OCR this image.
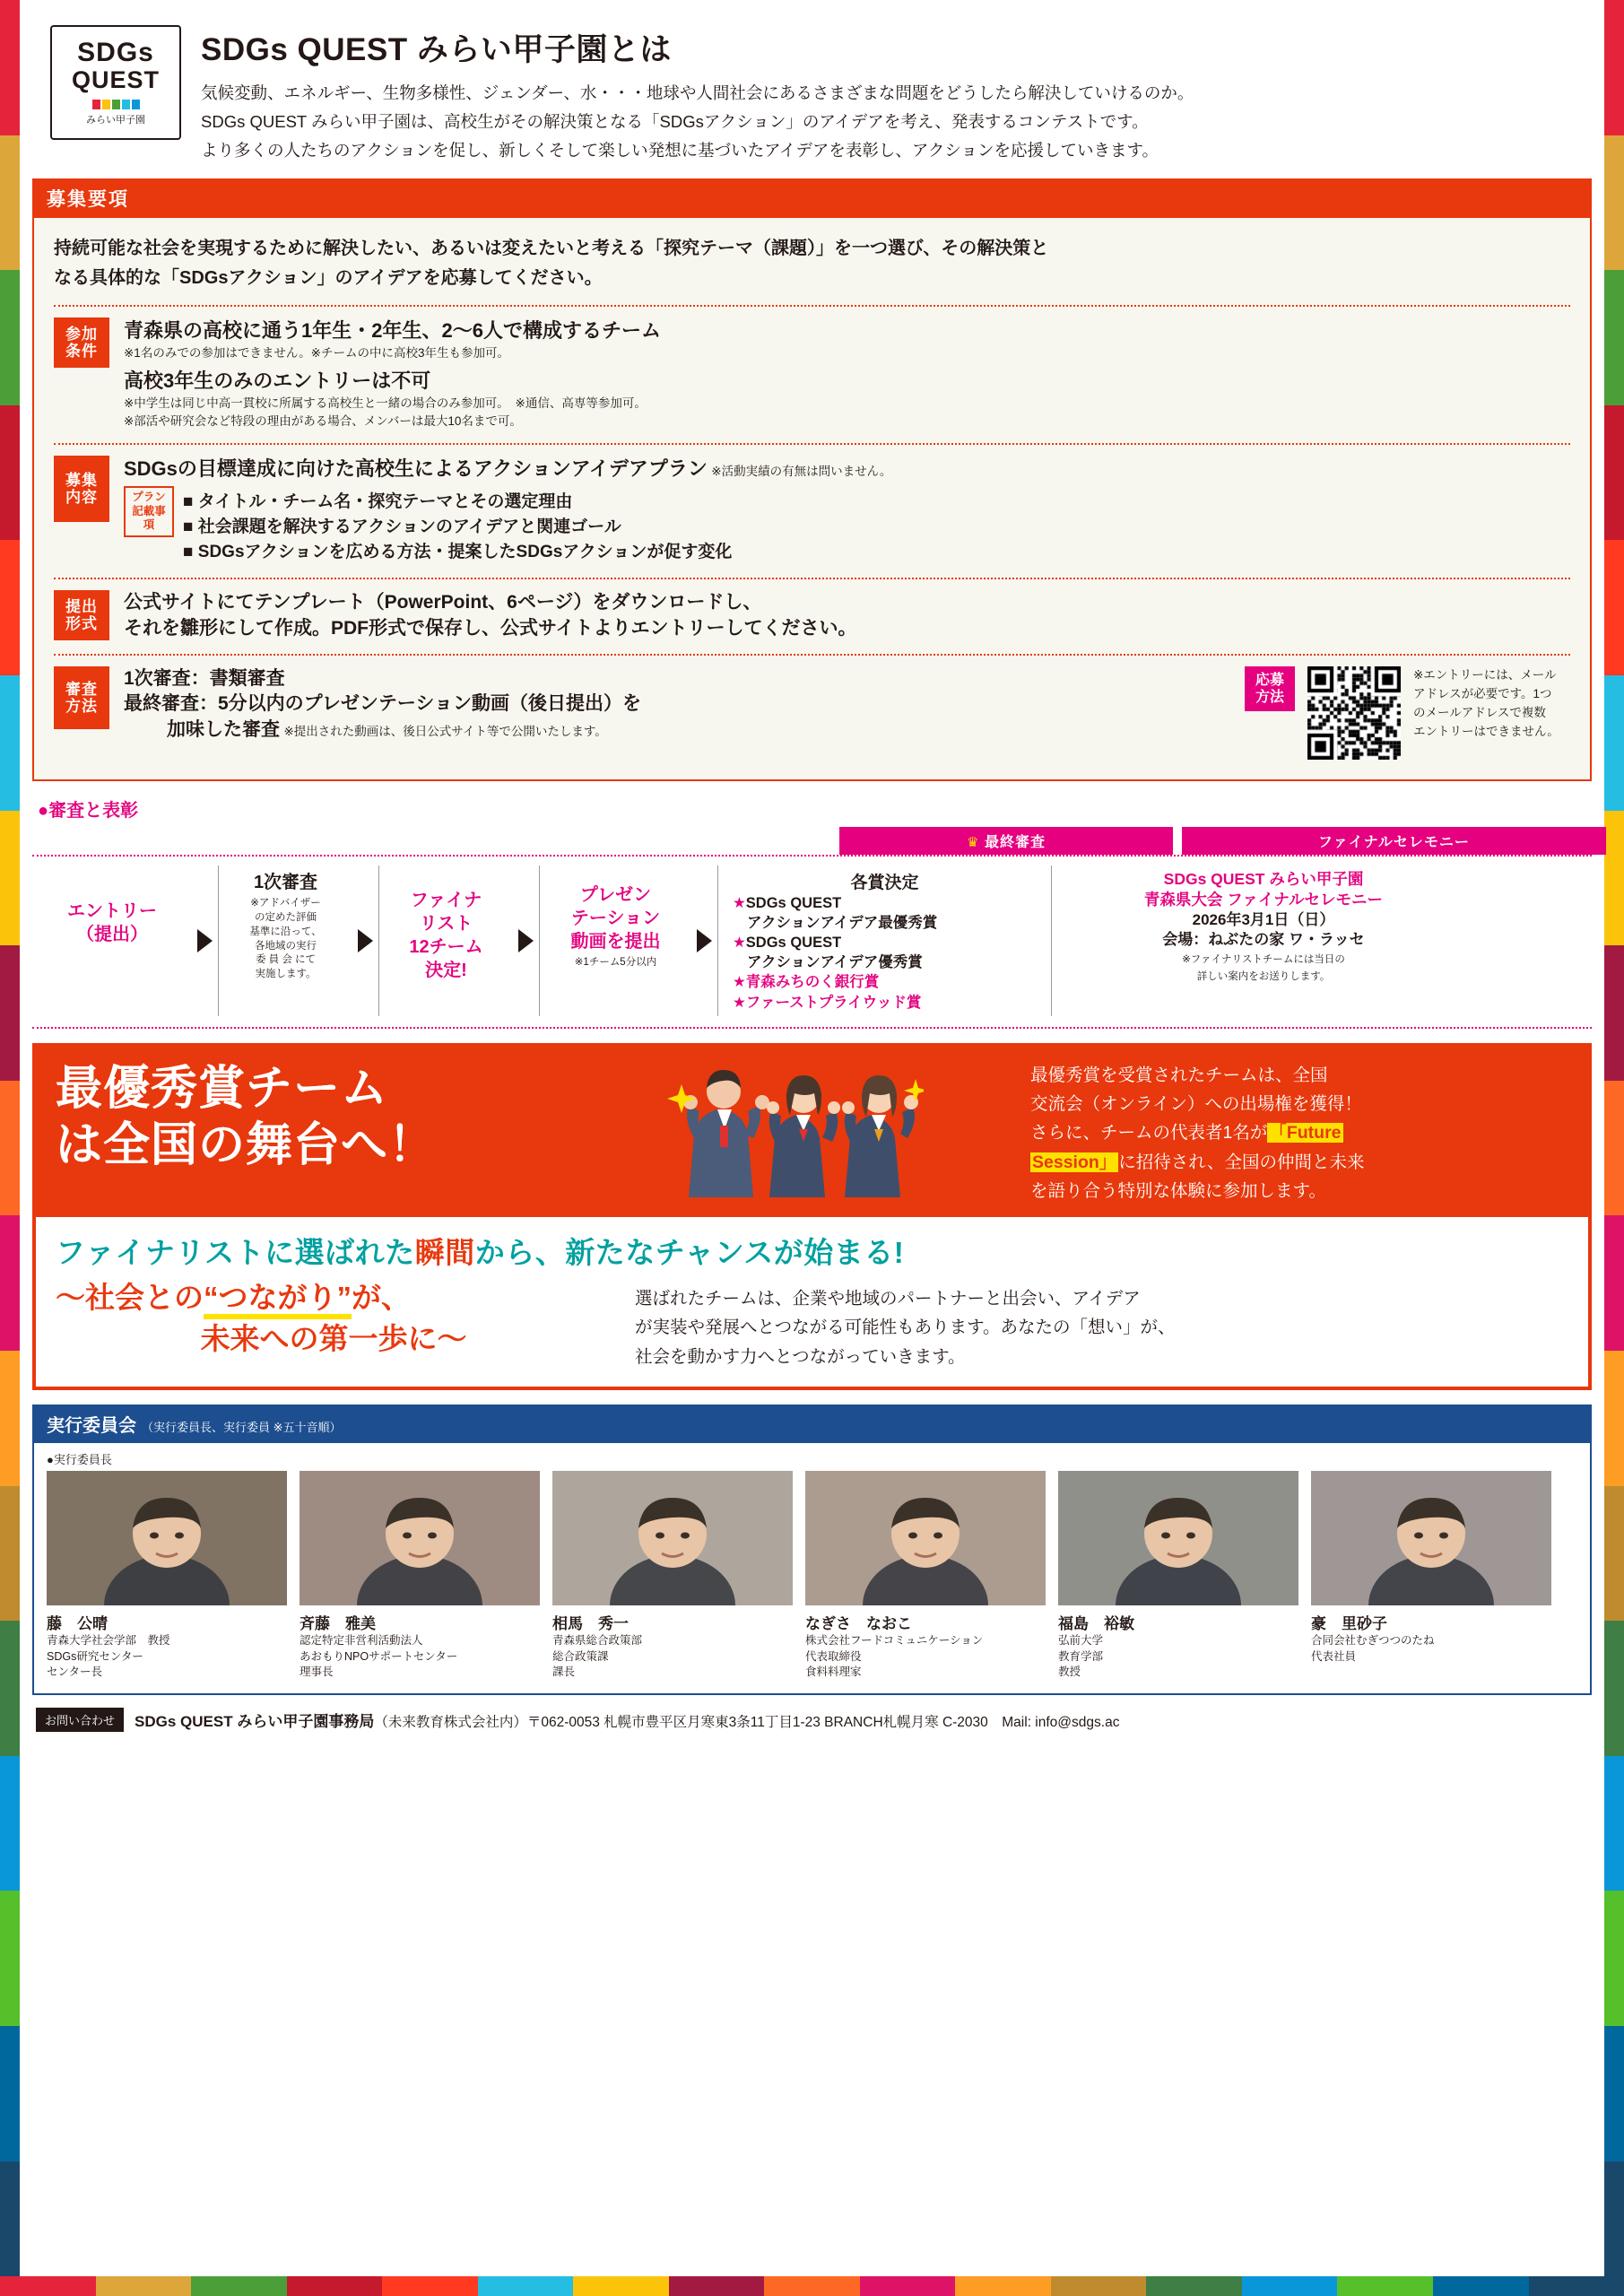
SDGs
QUEST
みらい甲子園
SDGs QUEST みらい甲子園とは
気候変動、エネルギー、生物多様性、ジェンダー、水・・・地球や人間社会にあるさまざまな問題をどうしたら解決していけるのか。
SDGs QUEST みらい甲子園は、高校生がその解決策となる「SDGsアクション」のアイデアを考え、発表するコンテストです。
より多くの人たちのアクションを促し、新しくそして楽しい発想に基づいたアイデアを表彰し、アクションを応援していきます。
募集要項
持続可能な社会を実現するために解決したい、あるいは変えたいと考える「探究テーマ（課題）」を一つ選び、その解決策と
なる具体的な「SDGsアクション」のアイデアを応募してください。
参加
条件
青森県の高校に通う1年生・2年生、2〜6人で構成するチーム
※1名のみでの参加はできません。※チームの中に高校3年生も参加可。
高校3年生のみのエントリーは不可
※中学生は同じ中高一貫校に所属する高校生と一緒の場合のみ参加可。　※通信、高専等参加可。
※部活や研究会など特段の理由がある場合、メンバーは最大10名まで可。
募集
内容
SDGsの目標達成に向けた高校生によるアクションアイデアプラン ※活動実績の有無は問いません。
プラン
記載事項
■ タイトル・チーム名・探究テーマとその選定理由
■ 社会課題を解決するアクションのアイデアと関連ゴール
■ SDGsアクションを広める方法・提案したSDGsアクションが促す変化
提出
形式
公式サイトにてテンプレート（PowerPoint、6ページ）をダウンロードし、
それを雛形にして作成。PDF形式で保存し、公式サイトよりエントリーしてください。
審査
方法
1次審査：書類審査
最終審査：5分以内のプレゼンテーション動画（後日提出）を
加味した審査 ※提出された動画は、後日公式サイト等で公開いたします。
応募
方法
※エントリーには、メール
アドレスが必要です。1つ
のメールアドレスで複数
エントリーはできません。
●審査と表彰
♛ 最終審査	ファイナルセレモニー
エントリー
（提出）
1次審査
※アドバイザー
の定めた評価
基準に沿って、
各地域の実行
委 員 会 にて
実施します。
ファイナ
リスト
12チーム
決定!
プレゼン
テーション
動画を提出
※1チーム5分以内
各賞決定
★SDGs QUEST
アクションアイデア最優秀賞
★SDGs QUEST
アクションアイデア優秀賞
★青森みちのく銀行賞
★ファーストプライウッド賞
SDGs QUEST みらい甲子園
青森県大会 ファイナルセレモニー
2026年3月1日（日）
会場：ねぶたの家 ワ・ラッセ
※ファイナリストチームには当日の
詳しい案内をお送りします。
最優秀賞チーム
は全国の舞台へ！
最優秀賞を受賞されたチームは、全国
交流会（オンライン）への出場権を獲得！
さらに、チームの代表者1名が 「Future
Session」 に招待され、全国の仲間と未来
を語り合う特別な体験に参加します。
ファイナリストに選ばれた瞬間から、新たなチャンスが始まる!
〜社会との“つながり”が、
未来への第一歩に〜
選ばれたチームは、企業や地域のパートナーと出会い、アイデア
が実装や発展へとつながる可能性もあります。あなたの「想い」が、
社会を動かす力へとつながっていきます。
実行委員会 （実行委員長、実行委員 ※五十音順）
●実行委員長
藤　公晴
青森大学社会学部　教授
SDGs研究センター
センター長
斉藤　雅美
認定特定非営利活動法人
あおもりNPOサポートセンター
理事長
相馬　秀一
青森県総合政策部
総合政策課
課長
なぎさ　なおこ
株式会社フードコミュニケーション
代表取締役
食料料理家
福島　裕敏
弘前大学
教育学部
教授
豪　里砂子
合同会社むぎつつのたね
代表社員
お問い合わせ	SDGs QUEST みらい甲子園事務局（未来教育株式会社内）〒062-0053 札幌市豊平区月寒東3条11丁目1-23 BRANCH札幌月寒 C-2030　Mail: info@sdgs.ac
